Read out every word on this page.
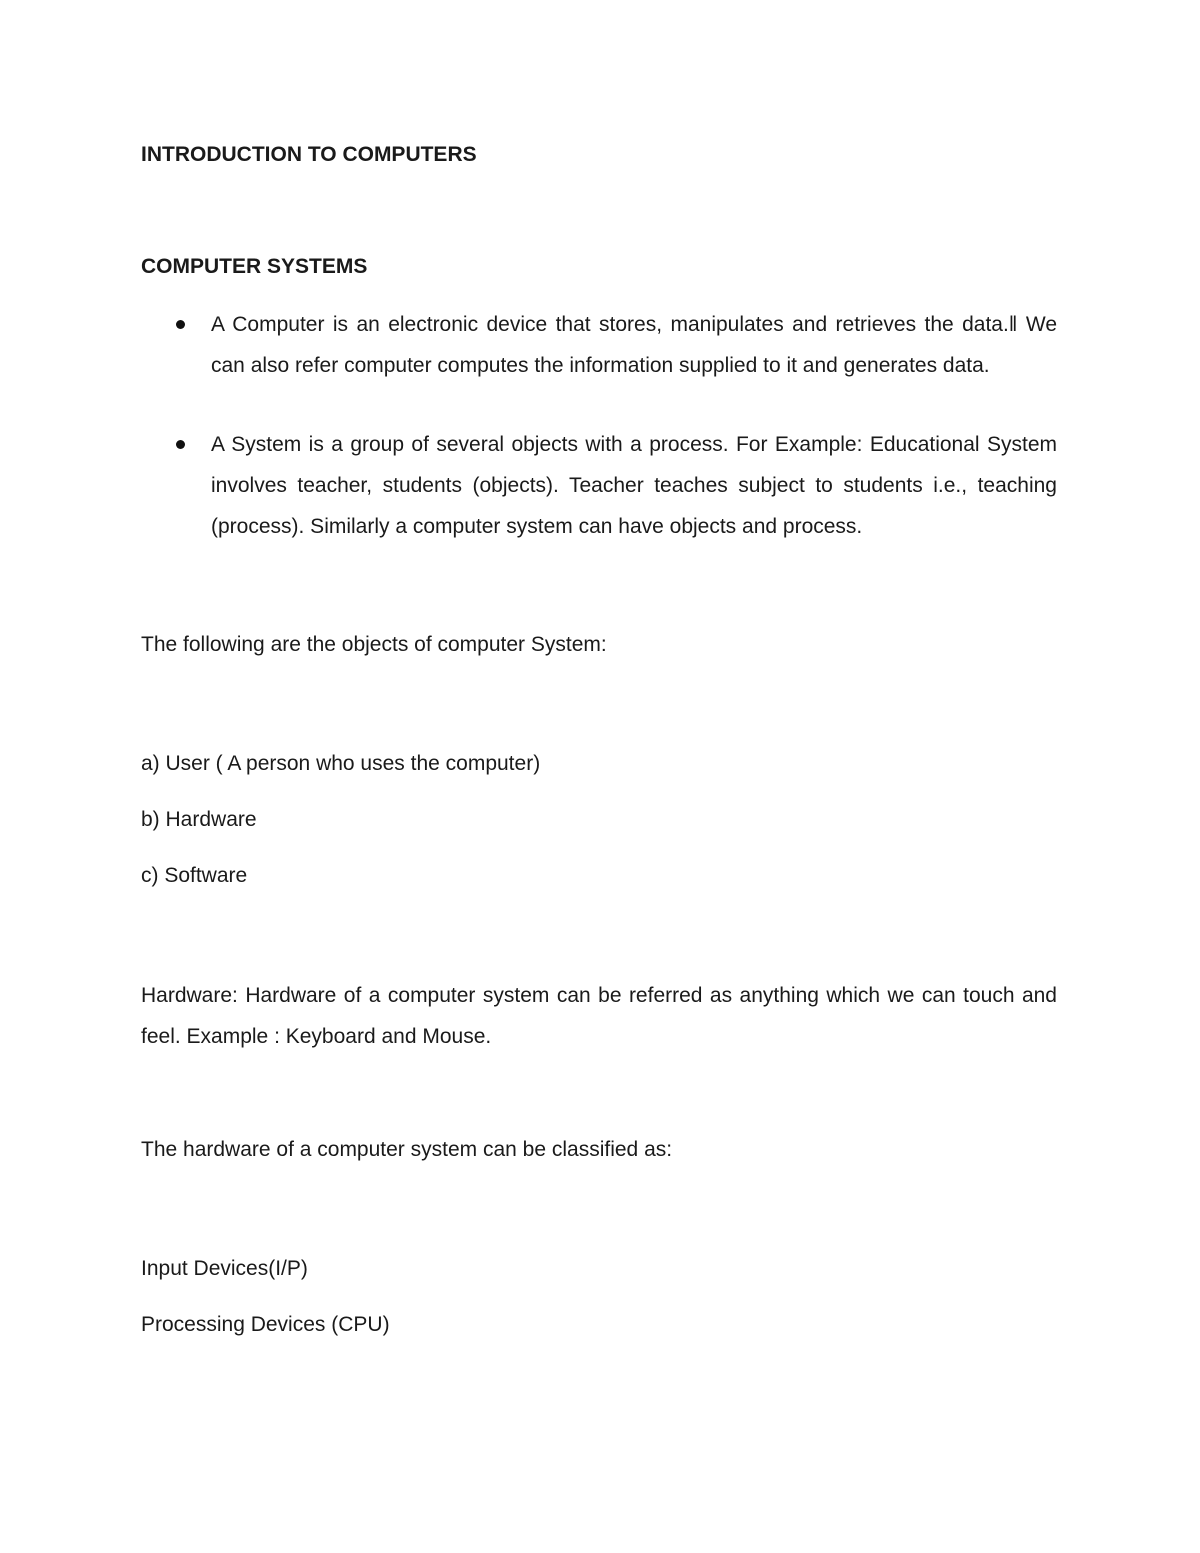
INTRODUCTION TO COMPUTERS
COMPUTER SYSTEMS
A Computer is an electronic device that stores, manipulates and retrieves the data.‖ We can also refer computer computes the information supplied to it and generates data.
A System is a group of several objects with a process. For Example: Educational System involves teacher, students (objects). Teacher teaches subject to students i.e., teaching (process). Similarly a computer system can have objects and process.

The following are the objects of computer System:

a) User ( A person who uses the computer)

b) Hardware

c) Software

Hardware: Hardware of a computer system can be referred as anything which we can touch and feel. Example : Keyboard and Mouse.

The hardware of a computer system can be classified as:

Input Devices(I/P)

Processing Devices (CPU)
